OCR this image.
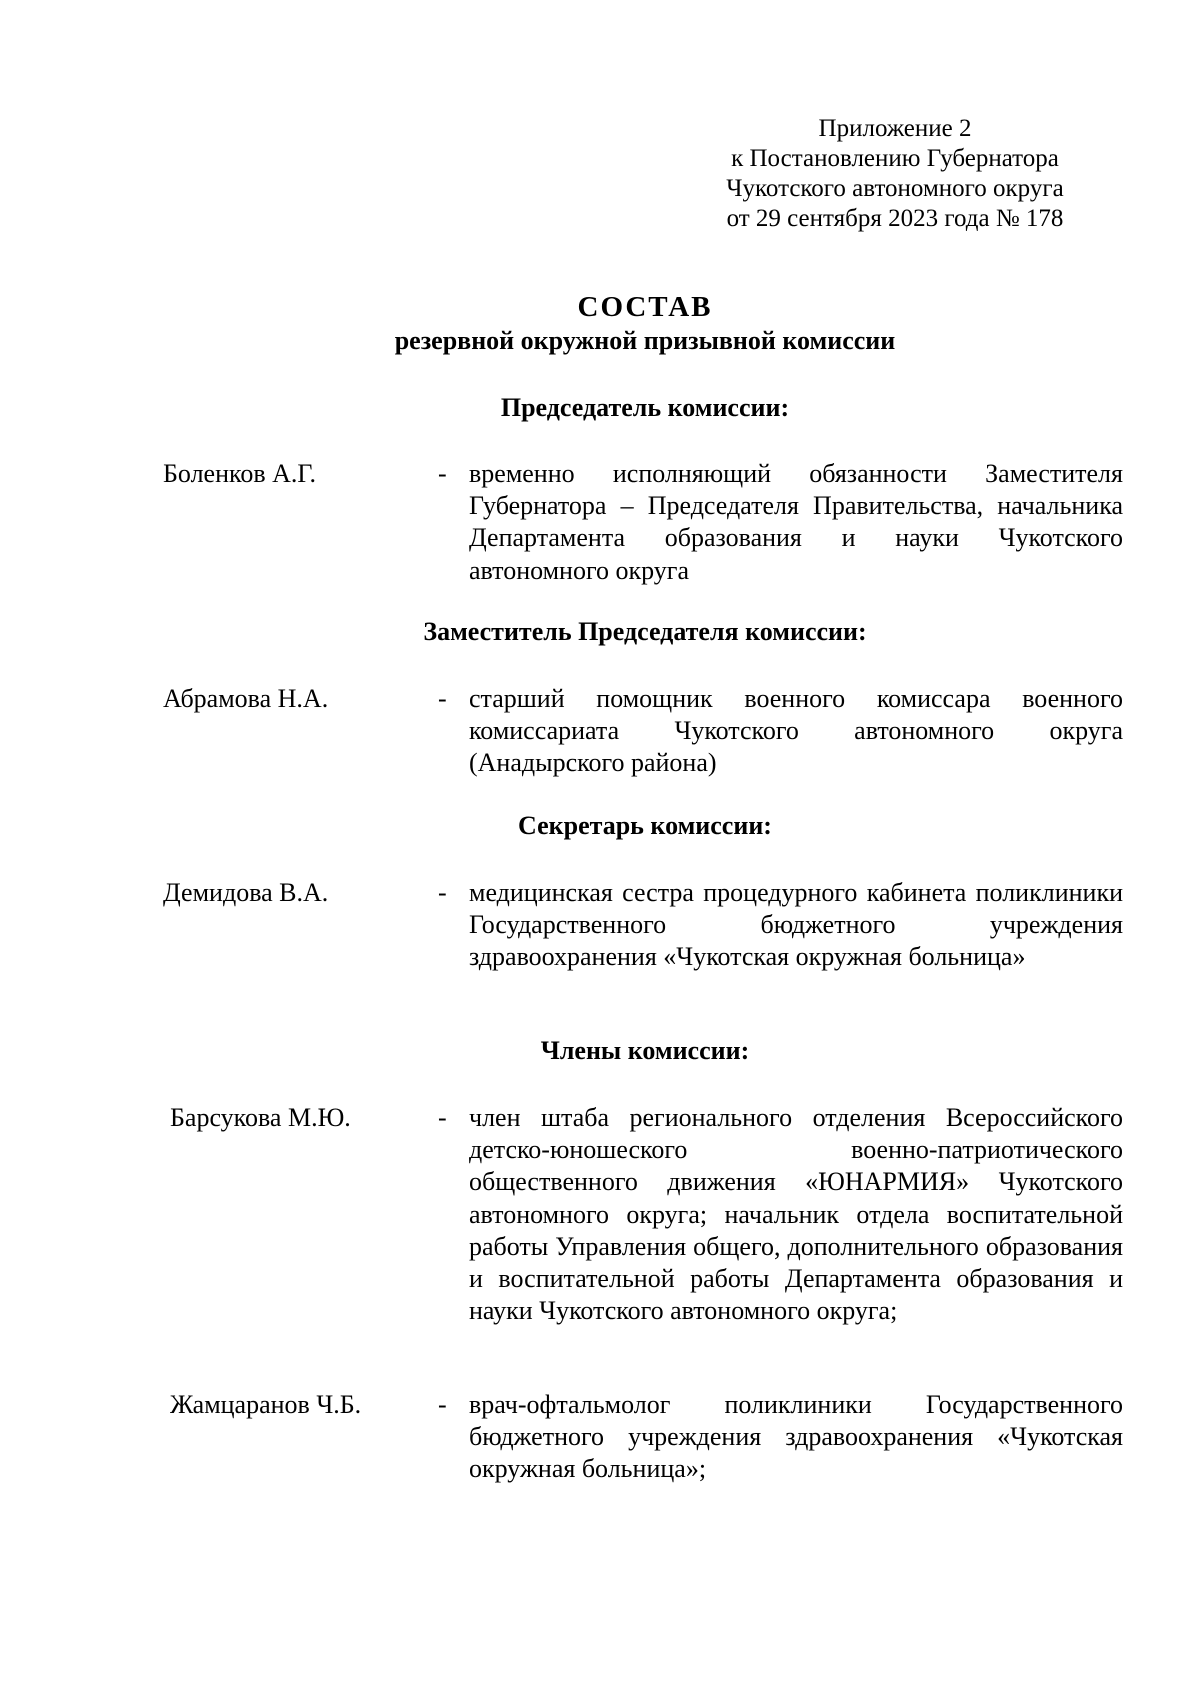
Приложение 2
к Постановлению Губернатора
Чукотского автономного округа
от 29 сентября 2023 года № 178
СОСТАВ
резервной окружной призывной комиссии
Председатель комиссии:
Боленков А.Г.	- временно исполняющий обязанности Заместителя Губернатора – Председателя Правительства, начальника Департамента образования и науки Чукотского автономного округа
Заместитель Председателя комиссии:
Абрамова Н.А.	- старший помощник военного комиссара военного комиссариата Чукотского автономного округа (Анадырского района)
Секретарь комиссии:
Демидова В.А.	- медицинская сестра процедурного кабинета поликлиники Государственного бюджетного учреждения здравоохранения «Чукотская окружная больница»
Члены комиссии:
Барсукова М.Ю.	- член штаба регионального отделения Всероссийского детско-юношеского военно-патриотического общественного движения «ЮНАРМИЯ» Чукотского автономного округа; начальник отдела воспитательной работы Управления общего, дополнительного образования и воспитательной работы Департамента образования и науки Чукотского автономного округа;
Жамцаранов Ч.Б.	- врач-офтальмолог поликлиники Государственного бюджетного учреждения здравоохранения «Чукотская окружная больница»;
